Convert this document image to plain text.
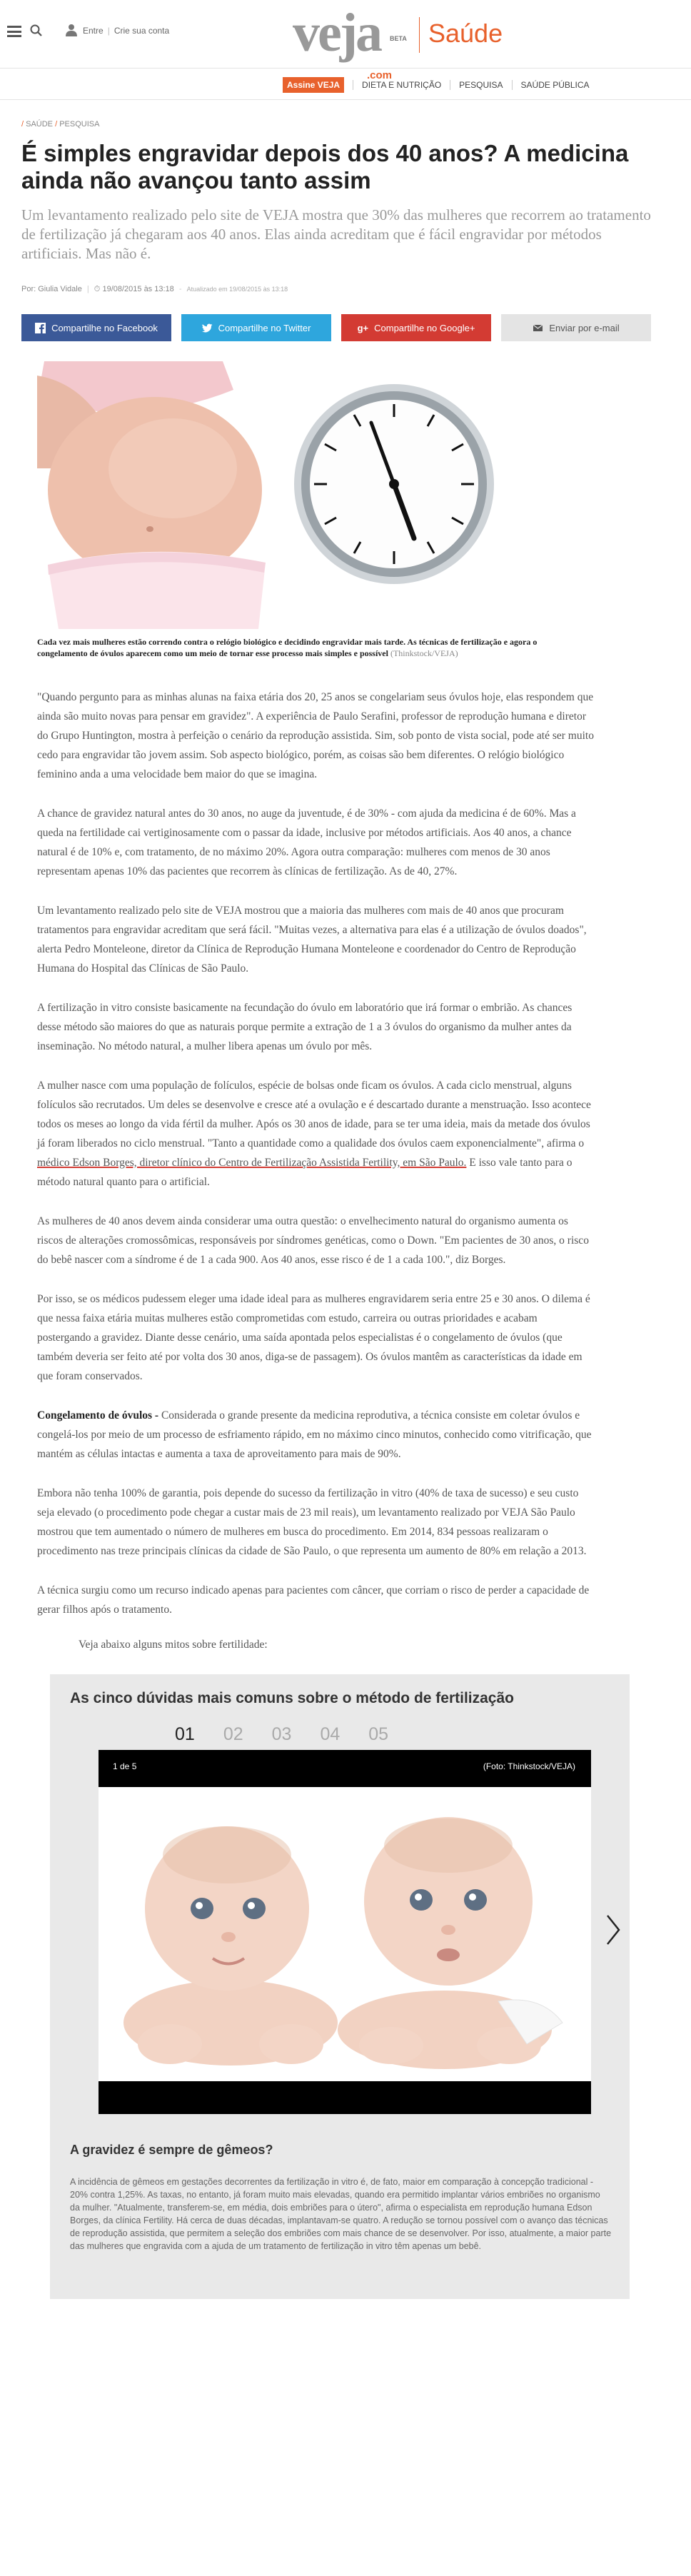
Entre | Crie sua conta veja BETA
.com
Saúde
Assine VEJA	DIETA E NUTRIÇÃO PESQUISA SAÚDE PÚBLICA
/ SAÚDE / PESQUISA
É simples engravidar depois dos 40 anos? A medicina ainda não avançou tanto assim
Um levantamento realizado pelo site de VEJA mostra que 30% das mulheres que recorrem ao tratamento de fertilização já chegaram aos 40 anos. Elas ainda acreditam que é fácil engravidar por métodos artificiais. Mas não é.
Por: Giulia Vidale | ⏱ 19/08/2015 às 13:18 - Atualizado em 19/08/2015 às 13:18
Compartilhe no Facebook	Compartilhe no Twitter	g+ Compartilhe no Google+	Enviar por e-mail
Cada vez mais mulheres estão correndo contra o relógio biológico e decidindo engravidar mais tarde. As técnicas de fertilização e agora o congelamento de óvulos aparecem como um meio de tornar esse processo mais simples e possível (Thinkstock/VEJA)

"Quando pergunto para as minhas alunas na faixa etária dos 20, 25 anos se congelariam seus óvulos hoje, elas respondem que ainda são muito novas para pensar em gravidez". A experiência de Paulo Serafini, professor de reprodução humana e diretor do Grupo Huntington, mostra à perfeição o cenário da reprodução assistida. Sim, sob ponto de vista social, pode até ser muito cedo para engravidar tão jovem assim. Sob aspecto biológico, porém, as coisas são bem diferentes. O relógio biológico feminino anda a uma velocidade bem maior do que se imagina.

A chance de gravidez natural antes do 30 anos, no auge da juventude, é de 30% - com ajuda da medicina é de 60%. Mas a queda na fertilidade cai vertiginosamente com o passar da idade, inclusive por métodos artificiais. Aos 40 anos, a chance natural é de 10% e, com tratamento, de no máximo 20%. Agora outra comparação: mulheres com menos de 30 anos representam apenas 10% das pacientes que recorrem às clínicas de fertilização. As de 40, 27%.

Um levantamento realizado pelo site de VEJA mostrou que a maioria das mulheres com mais de 40 anos que procuram tratamentos para engravidar acreditam que será fácil. "Muitas vezes, a alternativa para elas é a utilização de óvulos doados", alerta Pedro Monteleone, diretor da Clínica de Reprodução Humana Monteleone e coordenador do Centro de Reprodução Humana do Hospital das Clínicas de São Paulo.

A fertilização in vitro consiste basicamente na fecundação do óvulo em laboratório que irá formar o embrião. As chances desse método são maiores do que as naturais porque permite a extração de 1 a 3 óvulos do organismo da mulher antes da inseminação. No método natural, a mulher libera apenas um óvulo por mês.

A mulher nasce com uma população de folículos, espécie de bolsas onde ficam os óvulos. A cada ciclo menstrual, alguns folículos são recrutados. Um deles se desenvolve e cresce até a ovulação e é descartado durante a menstruação. Isso acontece todos os meses ao longo da vida fértil da mulher. Após os 30 anos de idade, para se ter uma ideia, mais da metade dos óvulos já foram liberados no ciclo menstrual. "Tanto a quantidade como a qualidade dos óvulos caem exponencialmente", afirma o médico Edson Borges, diretor clínico do Centro de Fertilização Assistida Fertility, em São Paulo. E isso vale tanto para o método natural quanto para o artificial.

As mulheres de 40 anos devem ainda considerar uma outra questão: o envelhecimento natural do organismo aumenta os riscos de alterações cromossômicas, responsáveis por síndromes genéticas, como o Down. "Em pacientes de 30 anos, o risco do bebê nascer com a síndrome é de 1 a cada 900. Aos 40 anos, esse risco é de 1 a cada 100.", diz Borges.

Por isso, se os médicos pudessem eleger uma idade ideal para as mulheres engravidarem seria entre 25 e 30 anos. O dilema é que nessa faixa etária muitas mulheres estão comprometidas com estudo, carreira ou outras prioridades e acabam postergando a gravidez. Diante desse cenário, uma saída apontada pelos especialistas é o congelamento de óvulos (que também deveria ser feito até por volta dos 30 anos, diga-se de passagem). Os óvulos mantêm as características da idade em que foram conservados.

Congelamento de óvulos - Considerada o grande presente da medicina reprodutiva, a técnica consiste em coletar óvulos e congelá-los por meio de um processo de esfriamento rápido, em no máximo cinco minutos, conhecido como vitrificação, que mantém as células intactas e aumenta a taxa de aproveitamento para mais de 90%.

Embora não tenha 100% de garantia, pois depende do sucesso da fertilização in vitro (40% de taxa de sucesso) e seu custo seja elevado (o procedimento pode chegar a custar mais de 23 mil reais), um levantamento realizado por VEJA São Paulo mostrou que tem aumentado o número de mulheres em busca do procedimento. Em 2014, 834 pessoas realizaram o procedimento nas treze principais clínicas da cidade de São Paulo, o que representa um aumento de 80% em relação a 2013.

A técnica surgiu como um recurso indicado apenas para pacientes com câncer, que corriam o risco de perder a capacidade de gerar filhos após o tratamento.

Veja abaixo alguns mitos sobre fertilidade:

As cinco dúvidas mais comuns sobre o método de fertilização
01 02 03 04 05
1 de 5	(Foto: Thinkstock/VEJA)
A gravidez é sempre de gêmeos?
A incidência de gêmeos em gestações decorrentes da fertilização in vitro é, de fato, maior em comparação à concepção tradicional - 20% contra 1,25%. As taxas, no entanto, já foram muito mais elevadas, quando era permitido implantar vários embriões no organismo da mulher. "Atualmente, transferem-se, em média, dois embriões para o útero", afirma o especialista em reprodução humana Edson Borges, da clínica Fertility. Há cerca de duas décadas, implantavam-se quatro. A redução se tornou possível com o avanço das técnicas de reprodução assistida, que permitem a seleção dos embriões com mais chance de se desenvolver. Por isso, atualmente, a maior parte das mulheres que engravida com a ajuda de um tratamento de fertilização in vitro têm apenas um bebê.
